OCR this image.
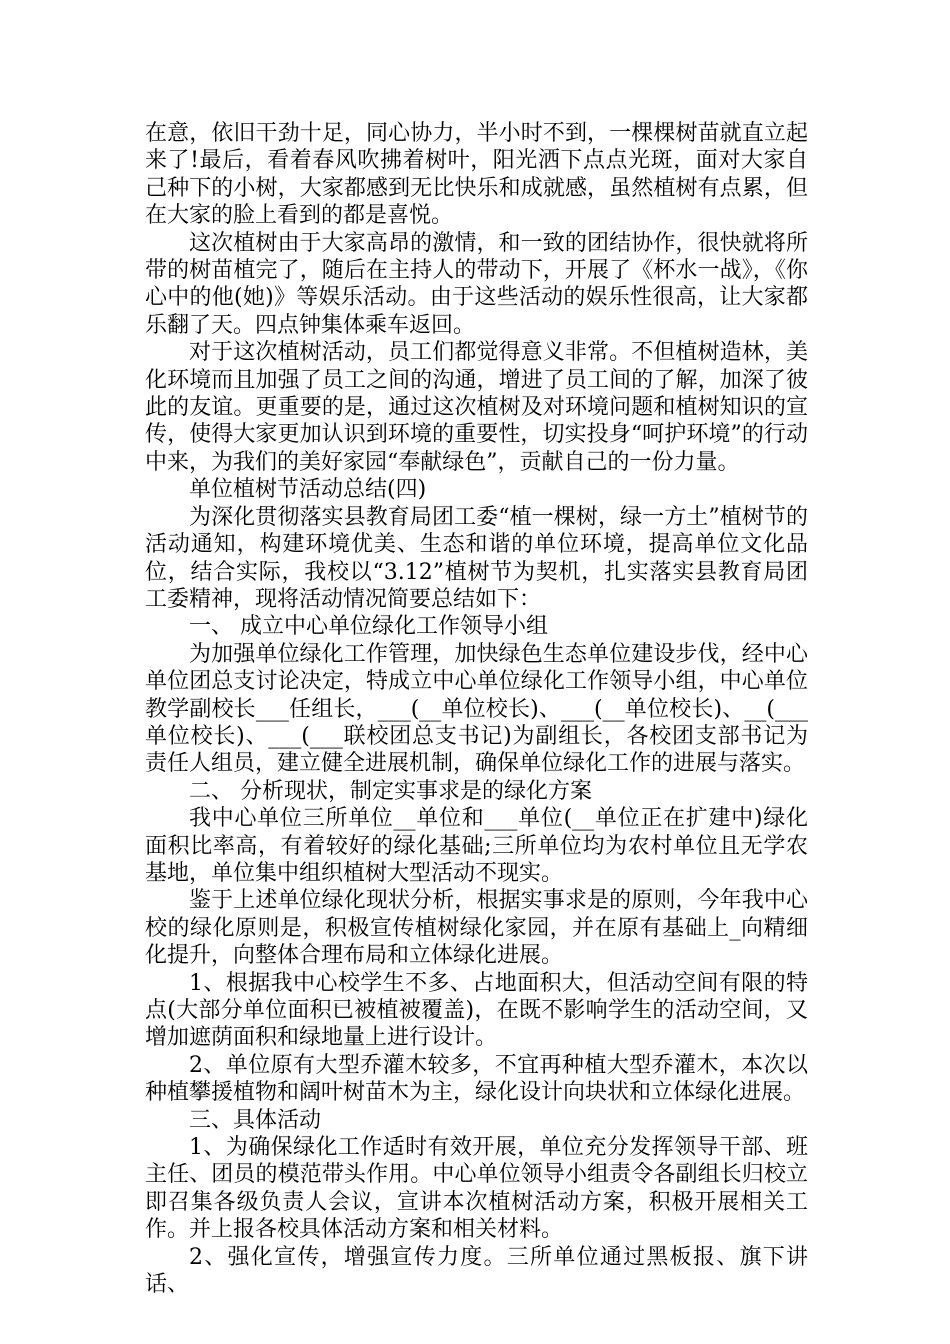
在意，依旧干劲十足，同心协力，半小时不到，一棵棵树苗就直立起来了!最后，看着春风吹拂着树叶，阳光洒下点点光斑，面对大家自己种下的小树，大家都感到无比快乐和成就感，虽然植树有点累，但在大家的脸上看到的都是喜悦。

这次植树由于大家高昂的激情，和一致的团结协作，很快就将所带的树苗植完了，随后在主持人的带动下，开展了《杯水一战》，《你心中的他(她)》等娱乐活动。由于这些活动的娱乐性很高，让大家都乐翻了天。四点钟集体乘车返回。

对于这次植树活动，员工们都觉得意义非常。不但植树造林，美化环境而且加强了员工之间的沟通，增进了员工间的了解，加深了彼此的友谊。更重要的是，通过这次植树及对环境问题和植树知识的宣传，使得大家更加认识到环境的重要性，切实投身“呵护环境”的行动中来，为我们的美好家园“奉献绿色”，贡献自己的一份力量。

单位植树节活动总结(四)

为深化贯彻落实县教育局团工委“植一棵树，绿一方土”植树节的活动通知，构建环境优美、生态和谐的单位环境，提高单位文化品位，结合实际，我校以“3.12”植树节为契机，扎实落实县教育局团工委精神，现将活动情况简要总结如下：

一、 成立中心单位绿化工作领导小组

为加强单位绿化工作管理，加快绿色生态单位建设步伐，经中心单位团总支讨论决定，特成立中心单位绿化工作领导小组，中心单位教学副校长___任组长，___(__单位校长)、___(__单位校长)、__(___单位校长)、___(___联校团总支书记)为副组长，各校团支部书记为责任人组员，建立健全进展机制，确保单位绿化工作的进展与落实。

二、 分析现状，制定实事求是的绿化方案

我中心单位三所单位__单位和___单位(__单位正在扩建中)绿化面积比率高，有着较好的绿化基础;三所单位均为农村单位且无学农基地，单位集中组织植树大型活动不现实。

鉴于上述单位绿化现状分析，根据实事求是的原则，今年我中心校的绿化原则是，积极宣传植树绿化家园，并在原有基础上_向精细化提升，向整体合理布局和立体绿化进展。

1、根据我中心校学生不多、占地面积大，但活动空间有限的特点(大部分单位面积已被植被覆盖)，在既不影响学生的活动空间，又增加遮荫面积和绿地量上进行设计。

2、单位原有大型乔灌木较多，不宜再种植大型乔灌木，本次以种植攀援植物和阔叶树苗木为主，绿化设计向块状和立体绿化进展。

三、具体活动

1、为确保绿化工作适时有效开展，单位充分发挥领导干部、班主任、团员的模范带头作用。中心单位领导小组责令各副组长归校立即召集各级负责人会议，宣讲本次植树活动方案，积极开展相关工作。并上报各校具体活动方案和相关材料。

2、强化宣传，增强宣传力度。三所单位通过黑板报、旗下讲话、
